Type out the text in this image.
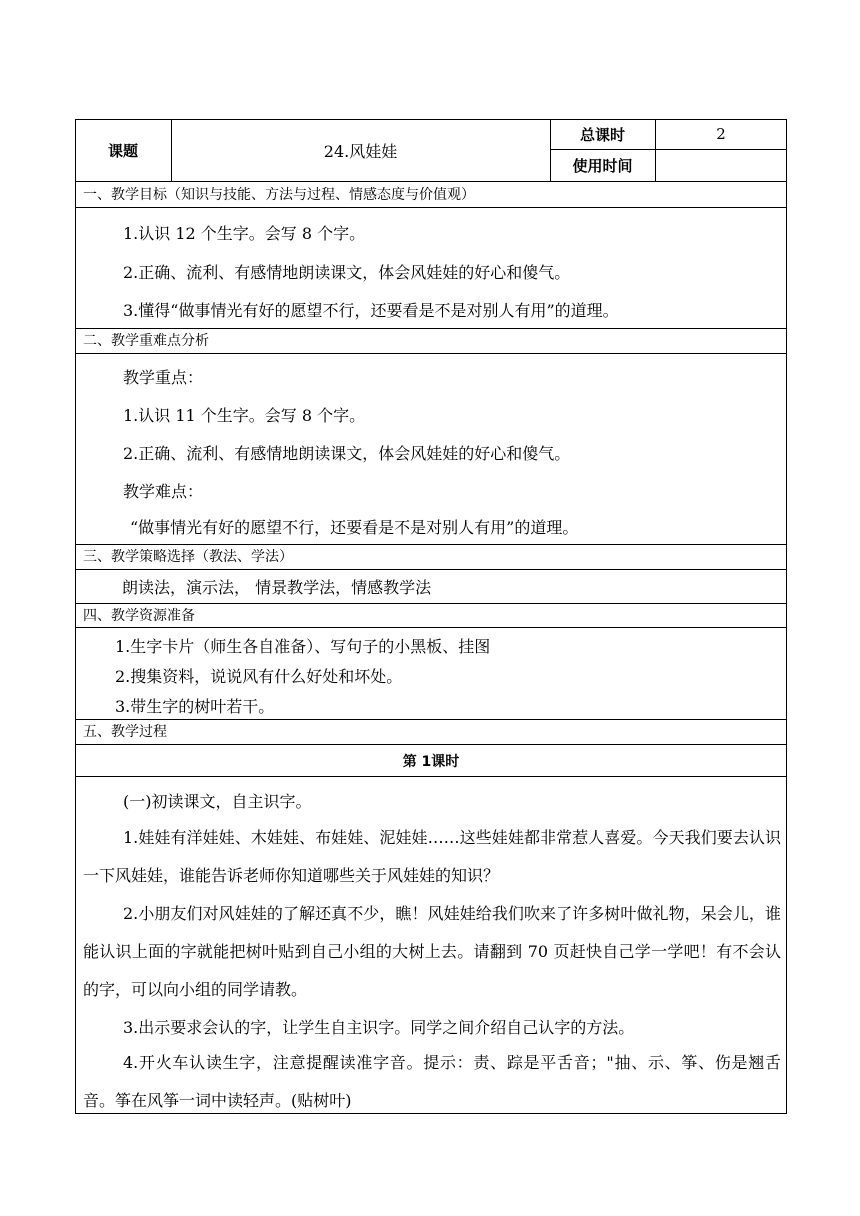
课题	24.风娃娃
总课时	2
使用时间
一、教学目标（知识与技能、方法与过程、情感态度与价值观）
1.认识 12 个生字。会写 8 个字。
2.正确、流利、有感情地朗读课文，体会风娃娃的好心和傻气。
3.懂得“做事情光有好的愿望不行，还要看是不是对别人有用”的道理。
二、教学重难点分析
教学重点：
1.认识 11 个生字。会写 8 个字。
2.正确、流利、有感情地朗读课文，体会风娃娃的好心和傻气。
教学难点：
“做事情光有好的愿望不行，还要看是不是对别人有用”的道理。
三、教学策略选择（教法、学法）
朗读法，演示法， 情景教学法，情感教学法
四、教学资源准备
1.生字卡片（师生各自准备）、写句子的小黑板、挂图
2.搜集资料，说说风有什么好处和坏处。
3.带生字的树叶若干。
五、教学过程
第 1课时
(一)初读课文，自主识字。
1.娃娃有洋娃娃、木娃娃、布娃娃、泥娃娃……这些娃娃都非常惹人喜爱。今天我们要去认识一下风娃娃，谁能告诉老师你知道哪些关于风娃娃的知识？
2.小朋友们对风娃娃的了解还真不少，瞧！风娃娃给我们吹来了许多树叶做礼物，呆会儿，谁能认识上面的字就能把树叶贴到自己小组的大树上去。请翻到 70 页赶快自己学一学吧！有不会认的字，可以向小组的同学请教。
3.出示要求会认的字，让学生自主识字。同学之间介绍自己认字的方法。
4.开火车认读生字，注意提醒读准字音。提示：责、踪是平舌音；"抽、示、筝、伤是翘舌音。筝在风筝一词中读轻声。(贴树叶)
